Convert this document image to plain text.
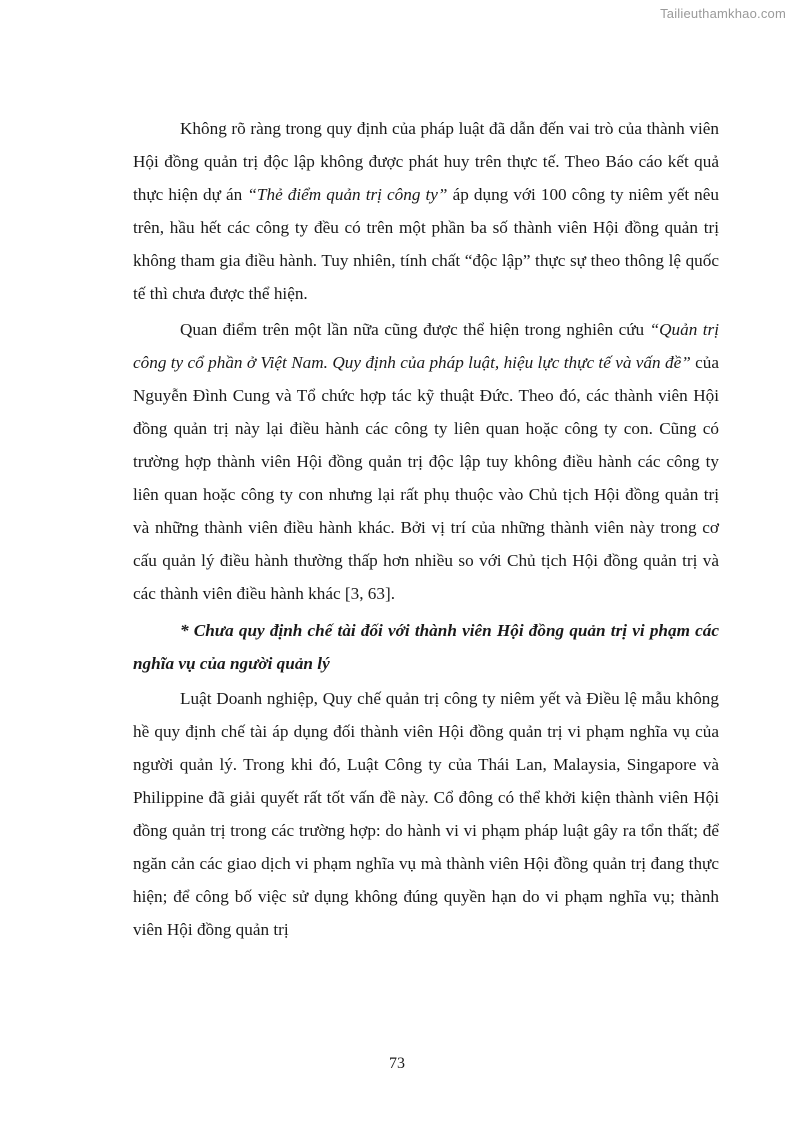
Tailieuthamkhao.com

Không rõ ràng trong quy định của pháp luật đã dẫn đến vai trò của thành viên Hội đồng quản trị độc lập không được phát huy trên thực tế. Theo Báo cáo kết quả thực hiện dự án “Thẻ điểm quản trị công ty” áp dụng với 100 công ty niêm yết nêu trên, hầu hết các công ty đều có trên một phần ba số thành viên Hội đồng quản trị không tham gia điều hành. Tuy nhiên, tính chất “độc lập” thực sự theo thông lệ quốc tế thì chưa được thể hiện.

Quan điểm trên một lần nữa cũng được thể hiện trong nghiên cứu “Quản trị công ty cổ phần ở Việt Nam. Quy định của pháp luật, hiệu lực thực tế và vấn đề” của Nguyễn Đình Cung và Tổ chức hợp tác kỹ thuật Đức. Theo đó, các thành viên Hội đồng quản trị này lại điều hành các công ty liên quan hoặc công ty con. Cũng có trường hợp thành viên Hội đồng quản trị độc lập tuy không điều hành các công ty liên quan hoặc công ty con nhưng lại rất phụ thuộc vào Chủ tịch Hội đồng quản trị và những thành viên điều hành khác. Bởi vị trí của những thành viên này trong cơ cấu quản lý điều hành thường thấp hơn nhiều so với Chủ tịch Hội đồng quản trị và các thành viên điều hành khác [3, 63].

* Chưa quy định chế tài đối với thành viên Hội đồng quản trị vi phạm các nghĩa vụ của người quản lý

Luật Doanh nghiệp, Quy chế quản trị công ty niêm yết và Điều lệ mẫu không hề quy định chế tài áp dụng đối thành viên Hội đồng quản trị vi phạm nghĩa vụ của người quản lý. Trong khi đó, Luật Công ty của Thái Lan, Malaysia, Singapore và Philippine đã giải quyết rất tốt vấn đề này. Cổ đông có thể khởi kiện thành viên Hội đồng quản trị trong các trường hợp: do hành vi vi phạm pháp luật gây ra tổn thất; để ngăn cản các giao dịch vi phạm nghĩa vụ mà thành viên Hội đồng quản trị đang thực hiện; để công bố việc sử dụng không đúng quyền hạn do vi phạm nghĩa vụ; thành viên Hội đồng quản trị

73
